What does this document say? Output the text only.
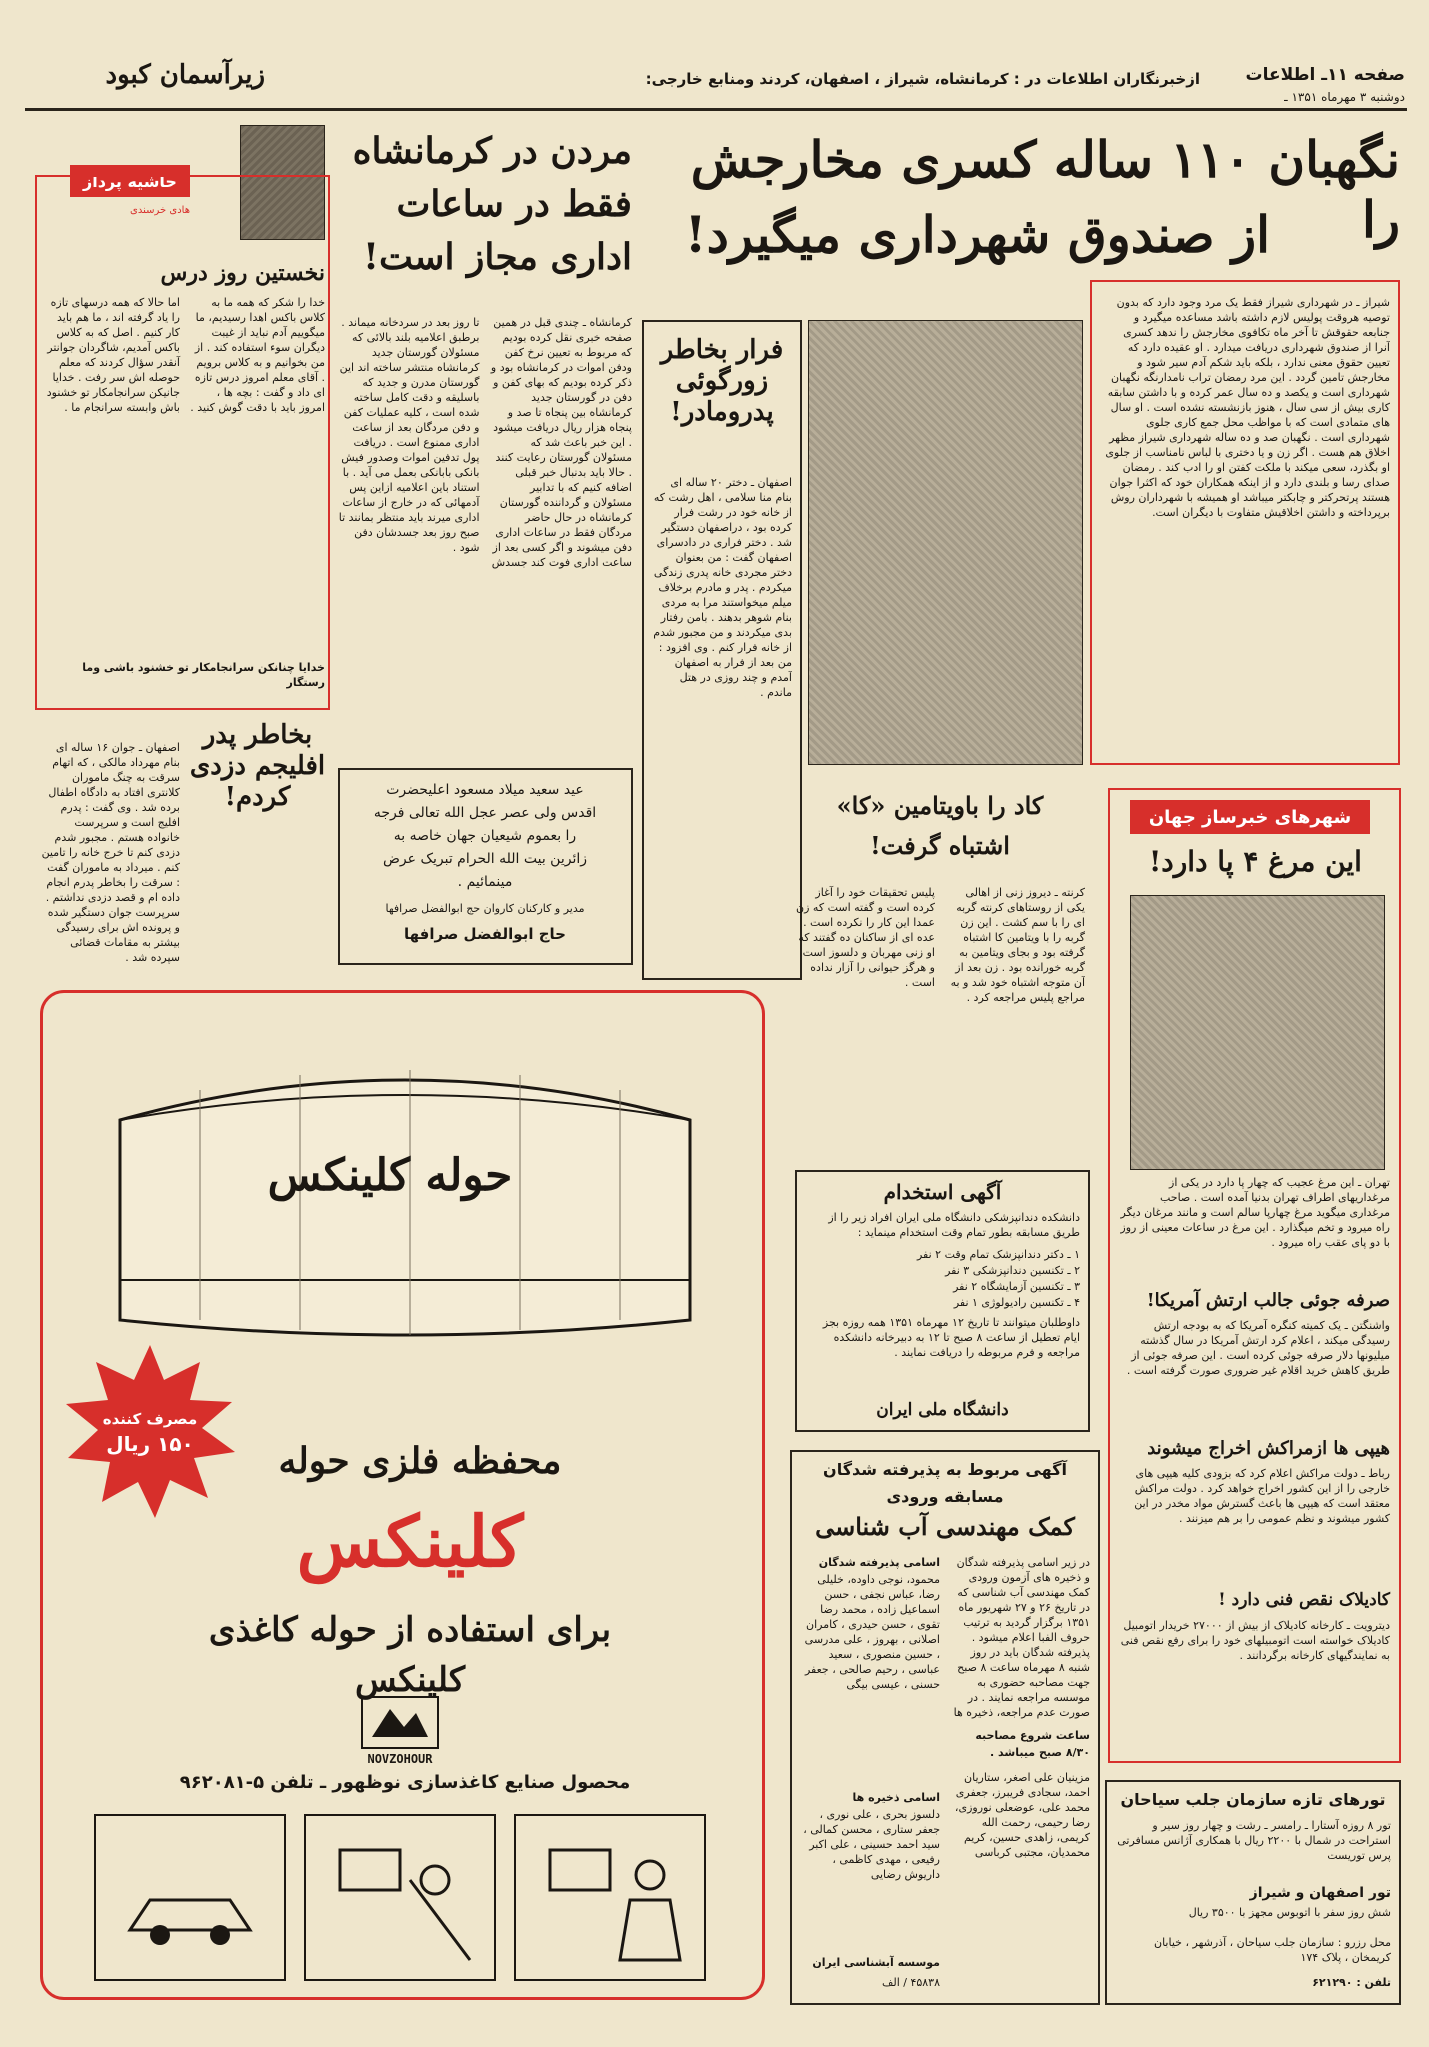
صفحه ۱۱ـ اطلاعات
دوشنبه ۳ مهرماه ۱۳۵۱ ـ
ازخبرنگاران اطلاعات در : کرمانشاه، شیراز ، اصفهان، کردند ومنابع خارجی:
زیرآسمان کبود
نگهبان ۱۱۰ ساله کسری مخارجش را
از صندوق شهرداری میگیرد!
شیراز ـ در شهرداری شیراز فقط یک مرد وجود دارد که بدون توصیه هروقت پولیس لازم داشته باشد مساعده میگیرد و جنابعه حقوقش تا آخر ماه تکافوی مخارجش را ندهد کسری آنرا از صندوق شهرداری دریافت میدارد . او عقیده دارد که تعیین حقوق معنی ندارد ، بلکه باید شکم آدم سیر شود و مخارجش تامین گردد . این مرد رمضان تراب نامدارنگه نگهبان شهرداری است و یکصد و ده سال عمر کرده و با داشتن سابقه کاری بیش از سی سال ، هنوز بازنشسته نشده است . او سال های متمادی است که با مواظب محل جمع کاری جلوی شهرداری است . نگهبان صد و ده ساله شهرداری شیراز مظهر اخلاق هم هست . اگر زن و یا دختری با لباس نامناسب از جلوی او بگذرد، سعی میکند با ملکت کفتن او را ادب کند . رمضان صدای رسا و بلندی دارد و از اینکه همکاران خود که اکثرا جوان هستند پرتحرکتر و چابکتر میباشد او همیشه با شهرداران روش برپرداخته و داشتن اخلاقیش متفاوت با دیگران است.
فرار بخاطر زورگوئی پدرومادر!
اصفهان ـ دختر ۲۰ ساله ای بنام منا سلامی ، اهل رشت که از خانه خود در رشت فرار کرده بود ، دراصفهان دستگیر شد . دختر فراری در دادسرای اصفهان گفت : من بعنوان دختر مجردی خانه پدری زندگی میکردم . پدر و مادرم برخلاف میلم میخواستند مرا به مردی بنام شوهر بدهند . بامن رفتار بدی میکردند و من مجبور شدم از خانه فرار کنم . وی افزود : من بعد از فرار به اصفهان آمدم و چند روزی در هتل ماندم .
مردن در کرمانشاه
فقط در ساعات
اداری مجاز است!
کرمانشاه ـ چندی قبل در همین صفحه خبری نقل کرده بودیم که مربوط به تعیین نرخ کفن ودفن اموات در کرمانشاه بود و ذکر کرده بودیم که بهای کفن و دفن در گورستان جدید کرمانشاه بین پنجاه تا صد و پنجاه هزار ریال دریافت میشود . این خبر باعث شد که مسئولان گورستان رعایت کنند . حالا باید بدنبال خبر قبلی اضافه کنیم که با تدابیر مسئولان و گرداننده گورستان کرمانشاه در حال حاضر مردگان فقط در ساعات اداری دفن میشوند و اگر کسی بعد از ساعت اداری فوت کند جسدش تا روز بعد در سردخانه میماند . برطبق اعلامیه بلند بالائی که مسئولان گورستان جدید کرمانشاه منتشر ساخته اند این گورستان مدرن و جدید که باسلیقه و دقت کامل ساخته شده است ، کلیه عملیات کفن و دفن مردگان بعد از ساعت اداری ممنوع است . دریافت پول تدفین اموات وصدور فیش بانکی بابانکی بعمل می آید . با استناد باین اعلامیه ازاین پس آدمهائی که در خارج از ساعات اداری میرند باید منتظر بمانند تا صبح روز بعد جسدشان دفن شود .
حاشیه پرداز
هادی خرسندی
نخستین روز درس
خدا را شکر که همه ما به کلاس باکس اهدا رسیدیم، ما میگوییم آدم نباید از غیبت دیگران سوء استفاده کند . از من بخوانیم و به کلاس برویم . آقای معلم امروز درس تازه ای داد و گفت : بچه ها ، امروز باید با دقت گوش کنید . اما حالا که همه درسهای تازه را یاد گرفته اند ، ما هم باید کار کنیم . اصل که به کلاس باکس آمدیم، شاگردان جوانتر آنقدر سؤال کردند که معلم حوصله اش سر رفت . خدایا جانیکن سرانجامکار تو خشنود باش وابسته سرانجام ما .
خدایا چنانکن سرانجامکار تو خشنود باشی وما رستگار
بخاطر پدر افلیجم دزدی کردم!
اصفهان ـ جوان ۱۶ ساله ای بنام مهرداد مالکی ، که اتهام سرقت به چنگ ماموران کلانتری افتاد به دادگاه اطفال برده شد . وی گفت : پدرم افلیج است و سرپرست خانواده هستم . مجبور شدم دزدی کنم تا خرج خانه را تامین کنم . میرداد به ماموران گفت : سرقت را بخاطر پدرم انجام داده ام و قصد دزدی نداشتم . سرپرست جوان دستگیر شده و پرونده اش برای رسیدگی بیشتر به مقامات قضائی سپرده شد .
عید سعید میلاد مسعود اعلیحضرت
اقدس ولی عصر عجل الله تعالی فرجه
را بعموم شیعیان جهان خاصه به
زائرین بیت الله الحرام تبریک عرض
مینمائیم .
مدیر و کارکنان کاروان حج ابوالفضل صرافها
حاج ابوالفضل صرافها
کاد را باویتامین «کا»
اشتباه گرفت!
کرنته ـ دیروز زنی از اهالی یکی از روستاهای کرنته گربه ای را با سم کشت . این زن گربه را با ویتامین کا اشتباه گرفته بود و بجای ویتامین به گربه خورانده بود . زن بعد از آن متوجه اشتباه خود شد و به مراجع پلیس مراجعه کرد . پلیس تحقیقات خود را آغاز کرده است و گفته است که زن عمدا این کار را نکرده است . عده ای از ساکنان ده گفتند که او زنی مهربان و دلسوز است و هرگز حیوانی را آزار نداده است .
شهرهای خبرساز جهان
این مرغ ۴ پا دارد!
تهران ـ این مرغ عجیب که چهار پا دارد در یکی از مرغداریهای اطراف تهران بدنیا آمده است . صاحب مرغداری میگوید مرغ چهارپا سالم است و مانند مرغان دیگر راه میرود و تخم میگذارد . این مرغ در ساعات معینی از روز با دو پای عقب راه میرود .
صرفه جوئی جالب ارتش آمریکا!
واشنگتن ـ یک کمیته کنگره آمریکا که به بودجه ارتش رسیدگی میکند ، اعلام کرد ارتش آمریکا در سال گذشته میلیونها دلار صرفه جوئی کرده است . این صرفه جوئی از طریق کاهش خرید اقلام غیر ضروری صورت گرفته است .
هیپی ها ازمراکش اخراج میشوند
رباط ـ دولت مراکش اعلام کرد که بزودی کلیه هیپی های خارجی را از این کشور اخراج خواهد کرد . دولت مراکش معتقد است که هیپی ها باعث گسترش مواد مخدر در این کشور میشوند و نظم عمومی را بر هم میزنند .
کادیلاک نقص فنی دارد !
دیترویت ـ کارخانه کادیلاک از بیش از ۲۷۰۰۰ خریدار اتومبیل کادیلاک خواسته است اتومبیلهای خود را برای رفع نقص فنی به نمایندگیهای کارخانه برگردانند .
آگهی استخدام
دانشکده دندانپزشکی دانشگاه ملی ایران افراد زیر را از طریق مسابقه بطور تمام وقت استخدام مینماید :
۱ ـ دکتر دندانپزشک تمام وقت ۲ نفر
۲ ـ تکنسین دندانپزشکی ۳ نفر
۳ ـ تکنسین آزمایشگاه ۲ نفر
۴ ـ تکنسین رادیولوژی ۱ نفر
داوطلبان میتوانند تا تاریخ ۱۲ مهرماه ۱۳۵۱ همه روزه بجز ایام تعطیل از ساعت ۸ صبح تا ۱۲ به دبیرخانه دانشکده مراجعه و فرم مربوطه را دریافت نمایند .
دانشگاه ملی ایران
آگهی مربوط به پذیرفته شدگان
مسابقه ورودی
کمک مهندسی آب شناسی
در زیر اسامی پذیرفته شدگان و ذخیره های آزمون ورودی کمک مهندسی آب شناسی که در تاریخ ۲۶ و ۲۷ شهریور ماه ۱۳۵۱ برگزار گردید به ترتیب حروف الفبا اعلام میشود . پذیرفته شدگان باید در روز شنبه ۸ مهرماه ساعت ۸ صبح جهت مصاحبه حضوری به موسسه مراجعه نمایند . در صورت عدم مراجعه، ذخیره ها
اسامی پذیرفته شدگان
محمود، نوجی داوده، خلیلی رضا، عباس نجفی ، حسن اسماعیل زاده ، محمد رضا تقوی ، حسن حیدری ، کامران اصلانی ، بهروز ، علی مدرسی ، حسین منصوری ، سعید عباسی ، رحیم صالحی ، جعفر حسنی ، عیسی بیگی
ساعت شروع مصاحبه
۸/۳۰ صبح میباشد .
مزینیان علی اصغر، ستاریان احمد، سجادی فریبرز، جعفری محمد علی، عوضعلی نوروزی، رضا رحیمی، رحمت الله کریمی، زاهدی حسین، کریم محمدیان، مجتبی کرباسی
اسامی ذخیره ها
دلسوز بحری ، علی نوری ، جعفر ستاری ، محسن کمالی ، سید احمد حسینی ، علی اکبر رفیعی ، مهدی کاظمی ، داریوش رضایی
موسسه آبشناسی ایران
۴۵۸۳۸ / الف
تورهای تازه سازمان جلب سیاحان
تور ۸ روزه آستارا ـ رامسر ـ رشت و چهار روز سیر و استراحت در شمال با ۲۲۰۰ ریال با همکاری آژانس مسافرتی پرس توریست
تور اصفهان و شیراز
شش روز سفر با اتوبوس مجهز با ۳۵۰۰ ریال
محل رزرو : سازمان جلب سیاحان ، آذرشهر ، خیابان کریمخان ، پلاک ۱۷۴
تلفن : ۶۲۱۲۹۰
حوله کلینکس
مصرف کننده
۱۵۰ ریال	محفظه فلزی حوله
کلینکس
برای استفاده از حوله کاغذی
کلینکس
NOVZOHOUR
محصول صنایع کاغذسازی نوظهور ـ تلفن ۵-۹۶۲۰۸۱
